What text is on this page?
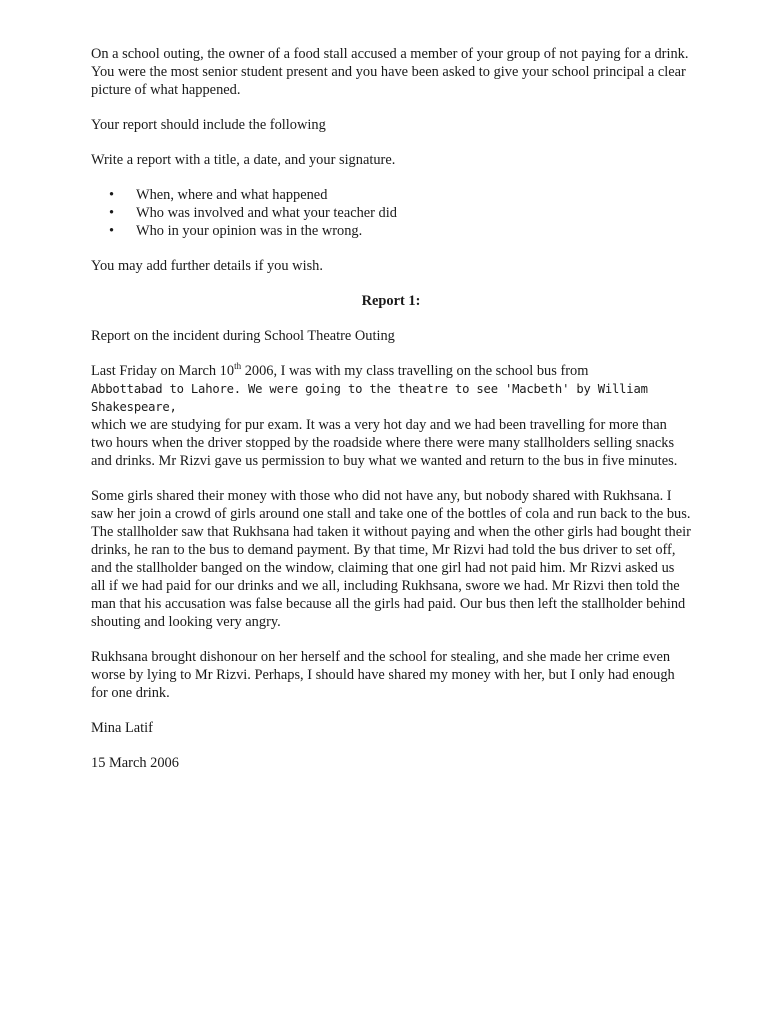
On a school outing, the owner of a food stall accused a member of your group of not paying for a drink. You were the most senior student present and you have been asked to give your school principal a clear picture of what happened.

Your report should include the following

Write a report with a title, a date, and your signature.

• When, where and what happened
• Who was involved and what your teacher did
• Who in your opinion was in the wrong.

You may add further details if you wish.

Report 1:

Report on the incident during School Theatre Outing

Last Friday on March 10th 2006, I was with my class travelling on the school bus from
Abbottabad to Lahore. We were going to the theatre to see 'Macbeth' by William Shakespeare,
which we are studying for pur exam. It was a very hot day and we had been travelling for more than two hours when the driver stopped by the roadside where there were many stallholders selling snacks and drinks. Mr Rizvi gave us permission to buy what we wanted and return to the bus in five minutes.

Some girls shared their money with those who did not have any, but nobody shared with Rukhsana. I saw her join a crowd of girls around one stall and take one of the bottles of cola and run back to the bus. The stallholder saw that Rukhsana had taken it without paying and when the other girls had bought their drinks, he ran to the bus to demand payment. By that time, Mr Rizvi had told the bus driver to set off, and the stallholder banged on the window, claiming that one girl had not paid him. Mr Rizvi asked us all if we had paid for our drinks and we all, including Rukhsana, swore we had. Mr Rizvi then told the man that his accusation was false because all the girls had paid. Our bus then left the stallholder behind shouting and looking very angry.

Rukhsana brought dishonour on her herself and the school for stealing, and she made her crime even worse by lying to Mr Rizvi. Perhaps, I should have shared my money with her, but I only had enough for one drink.

Mina Latif

15 March 2006
